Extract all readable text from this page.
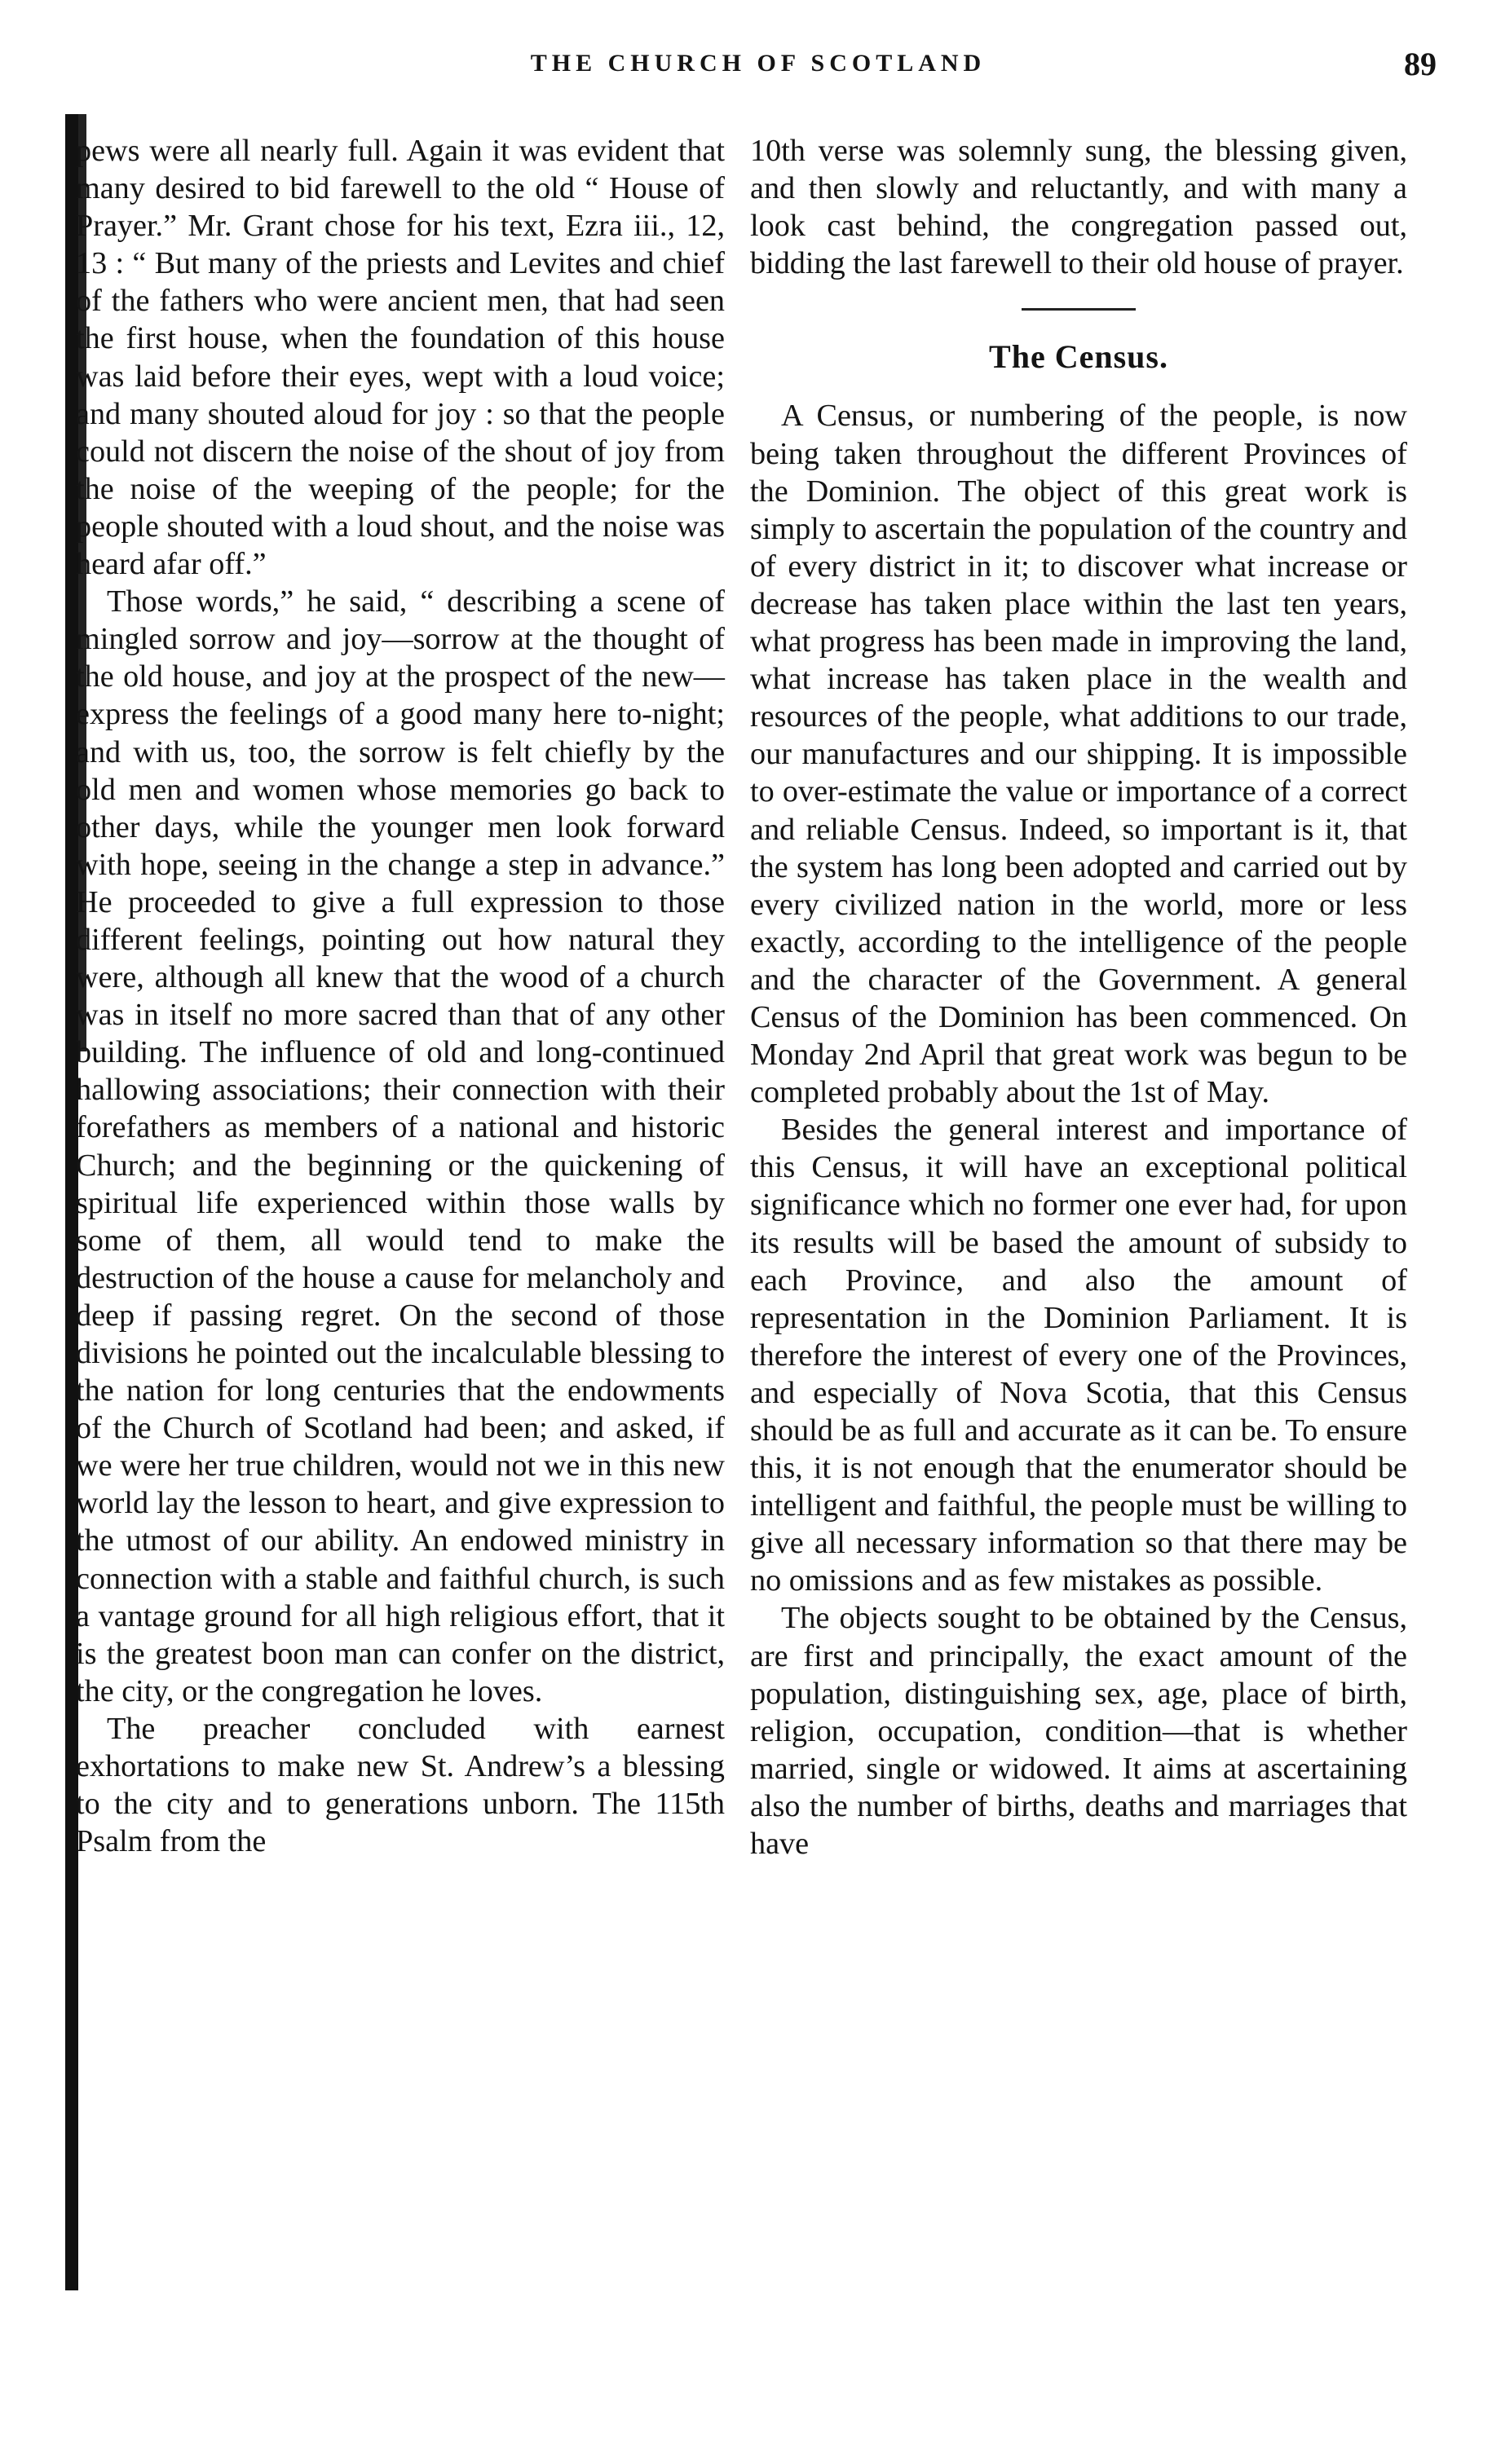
THE CHURCH OF SCOTLAND	89

pews were all nearly full. Again it was evident that many desired to bid farewell to the old “ House of Prayer.” Mr. Grant chose for his text, Ezra iii., 12, 13 : “ But many of the priests and Levites and chief of the fathers who were ancient men, that had seen the first house, when the foundation of this house was laid before their eyes, wept with a loud voice; and many shouted aloud for joy : so that the people could not discern the noise of the shout of joy from the noise of the weeping of the people; for the people shouted with a loud shout, and the noise was heard afar off.”

Those words,” he said, “ describing a scene of mingled sorrow and joy—sorrow at the thought of the old house, and joy at the prospect of the new—express the feelings of a good many here to-night; and with us, too, the sorrow is felt chiefly by the old men and women whose memories go back to other days, while the younger men look forward with hope, seeing in the change a step in advance.” He proceeded to give a full expression to those different feelings, pointing out how natural they were, although all knew that the wood of a church was in itself no more sacred than that of any other building. The influence of old and long-continued hallowing associations; their connection with their forefathers as members of a national and historic Church; and the beginning or the quickening of spiritual life experienced within those walls by some of them, all would tend to make the destruction of the house a cause for melancholy and deep if passing regret. On the second of those divisions he pointed out the incalculable blessing to the nation for long centuries that the endowments of the Church of Scotland had been; and asked, if we were her true children, would not we in this new world lay the lesson to heart, and give expression to the utmost of our ability. An endowed ministry in connection with a stable and faithful church, is such a vantage ground for all high religious effort, that it is the greatest boon man can confer on the district, the city, or the congregation he loves.

The preacher concluded with earnest exhortations to make new St. Andrew’s a blessing to the city and to generations unborn. The 115th Psalm from the

10th verse was solemnly sung, the blessing given, and then slowly and reluctantly, and with many a look cast behind, the congregation passed out, bidding the last farewell to their old house of prayer.

The Census.

A Census, or numbering of the people, is now being taken throughout the different Provinces of the Dominion. The object of this great work is simply to ascertain the population of the country and of every district in it; to discover what increase or decrease has taken place within the last ten years, what progress has been made in improving the land, what increase has taken place in the wealth and resources of the people, what additions to our trade, our manufactures and our shipping. It is impossible to over-estimate the value or importance of a correct and reliable Census. Indeed, so important is it, that the system has long been adopted and carried out by every civilized nation in the world, more or less exactly, according to the intelligence of the people and the character of the Government. A general Census of the Dominion has been commenced. On Monday 2nd April that great work was begun to be completed probably about the 1st of May.

Besides the general interest and importance of this Census, it will have an exceptional political significance which no former one ever had, for upon its results will be based the amount of subsidy to each Province, and also the amount of representation in the Dominion Parliament. It is therefore the interest of every one of the Provinces, and especially of Nova Scotia, that this Census should be as full and accurate as it can be. To ensure this, it is not enough that the enumerator should be intelligent and faithful, the people must be willing to give all necessary information so that there may be no omissions and as few mistakes as possible.

The objects sought to be obtained by the Census, are first and principally, the exact amount of the population, distinguishing sex, age, place of birth, religion, occupation, condition—that is whether married, single or widowed. It aims at ascertaining also the number of births, deaths and marriages that have
